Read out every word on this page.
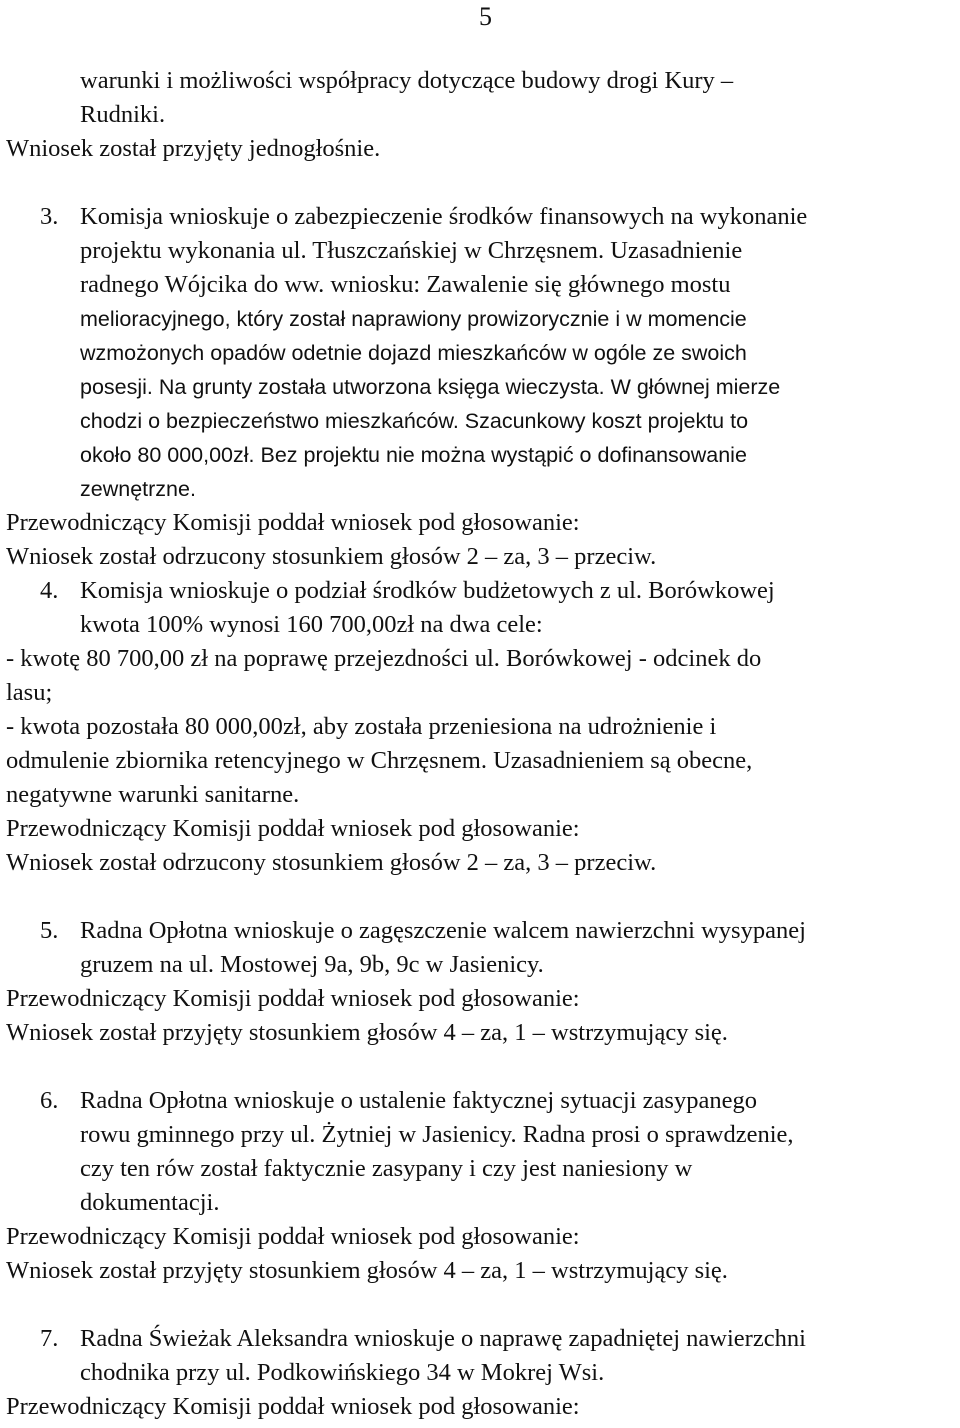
5
warunki i możliwości współpracy dotyczące budowy drogi Kury –
Rudniki.
Wniosek został przyjęty jednogłośnie.
3. Komisja wnioskuje o zabezpieczenie środków finansowych na wykonanie
projektu wykonania ul. Tłuszczańskiej w Chrzęsnem. Uzasadnienie
radnego Wójcika do ww. wniosku: Zawalenie się głównego mostu
melioracyjnego, który został naprawiony prowizorycznie i w momencie
wzmożonych opadów odetnie dojazd mieszkańców w ogóle ze swoich
posesji. Na grunty została utworzona księga wieczysta. W głównej mierze
chodzi o bezpieczeństwo mieszkańców. Szacunkowy koszt projektu to
około 80 000,00zł. Bez projektu nie można wystąpić o dofinansowanie
zewnętrzne.
Przewodniczący Komisji poddał wniosek pod głosowanie:
Wniosek został odrzucony stosunkiem głosów 2 – za, 3 – przeciw.
4. Komisja wnioskuje o podział środków budżetowych z ul. Borówkowej
kwota 100% wynosi 160 700,00zł na dwa cele:
- kwotę 80 700,00 zł na poprawę przejezdności ul. Borówkowej - odcinek do
lasu;
- kwota pozostała 80 000,00zł, aby została przeniesiona na udrożnienie i
odmulenie zbiornika retencyjnego w Chrzęsnem. Uzasadnieniem są obecne,
negatywne warunki sanitarne.
Przewodniczący Komisji poddał wniosek pod głosowanie:
Wniosek został odrzucony stosunkiem głosów 2 – za, 3 – przeciw.
5. Radna Opłotna wnioskuje o zagęszczenie walcem nawierzchni wysypanej
gruzem na ul. Mostowej 9a, 9b, 9c w Jasienicy.
Przewodniczący Komisji poddał wniosek pod głosowanie:
Wniosek został przyjęty stosunkiem głosów 4 – za, 1 – wstrzymujący się.
6. Radna Opłotna wnioskuje o ustalenie faktycznej sytuacji zasypanego
rowu gminnego przy ul. Żytniej w Jasienicy. Radna prosi o sprawdzenie,
czy ten rów został faktycznie zasypany i czy jest naniesiony w
dokumentacji.
Przewodniczący Komisji poddał wniosek pod głosowanie:
Wniosek został przyjęty stosunkiem głosów 4 – za, 1 – wstrzymujący się.
7. Radna Świeżak Aleksandra wnioskuje o naprawę zapadniętej nawierzchni
chodnika przy ul. Podkowińskiego 34 w Mokrej Wsi.
Przewodniczący Komisji poddał wniosek pod głosowanie:
